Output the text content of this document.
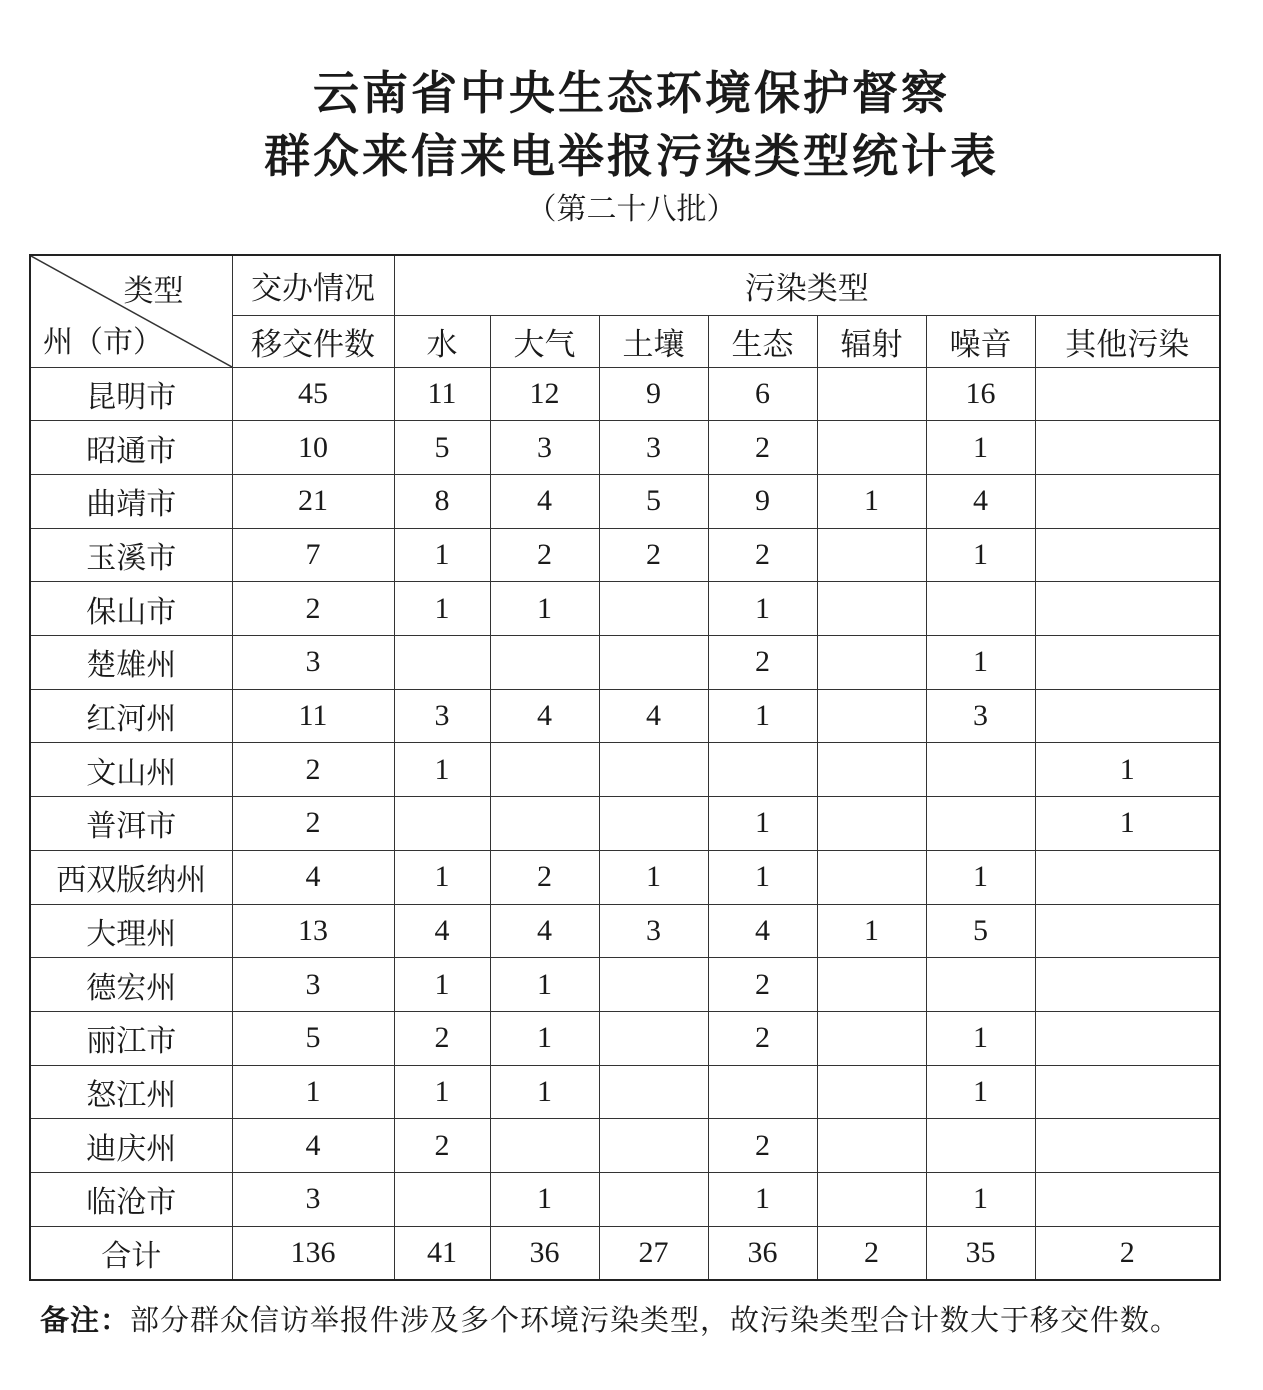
云南省中央生态环境保护督察
群众来信来电举报污染类型统计表
（第二十八批）
类型
州（市）	交办情况	污染类型						
	移交件数	水	大气	土壤	生态	辐射	噪音	其他污染
昆明市	45	11	12	9	6		16	
昭通市	10	5	3	3	2		1	
曲靖市	21	8	4	5	9	1	4	
玉溪市	7	1	2	2	2		1	
保山市	2	1	1		1			
楚雄州	3				2		1	
红河州	11	3	4	4	1		3	
文山州	2	1						1
普洱市	2				1			1
西双版纳州	4	1	2	1	1		1	
大理州	13	4	4	3	4	1	5	
德宏州	3	1	1		2			
丽江市	5	2	1		2		1	
怒江州	1	1	1				1	
迪庆州	4	2			2			
临沧市	3		1		1		1	
合计	136	41	36	27	36	2	35	2
备注：部分群众信访举报件涉及多个环境污染类型，故污染类型合计数大于移交件数。
